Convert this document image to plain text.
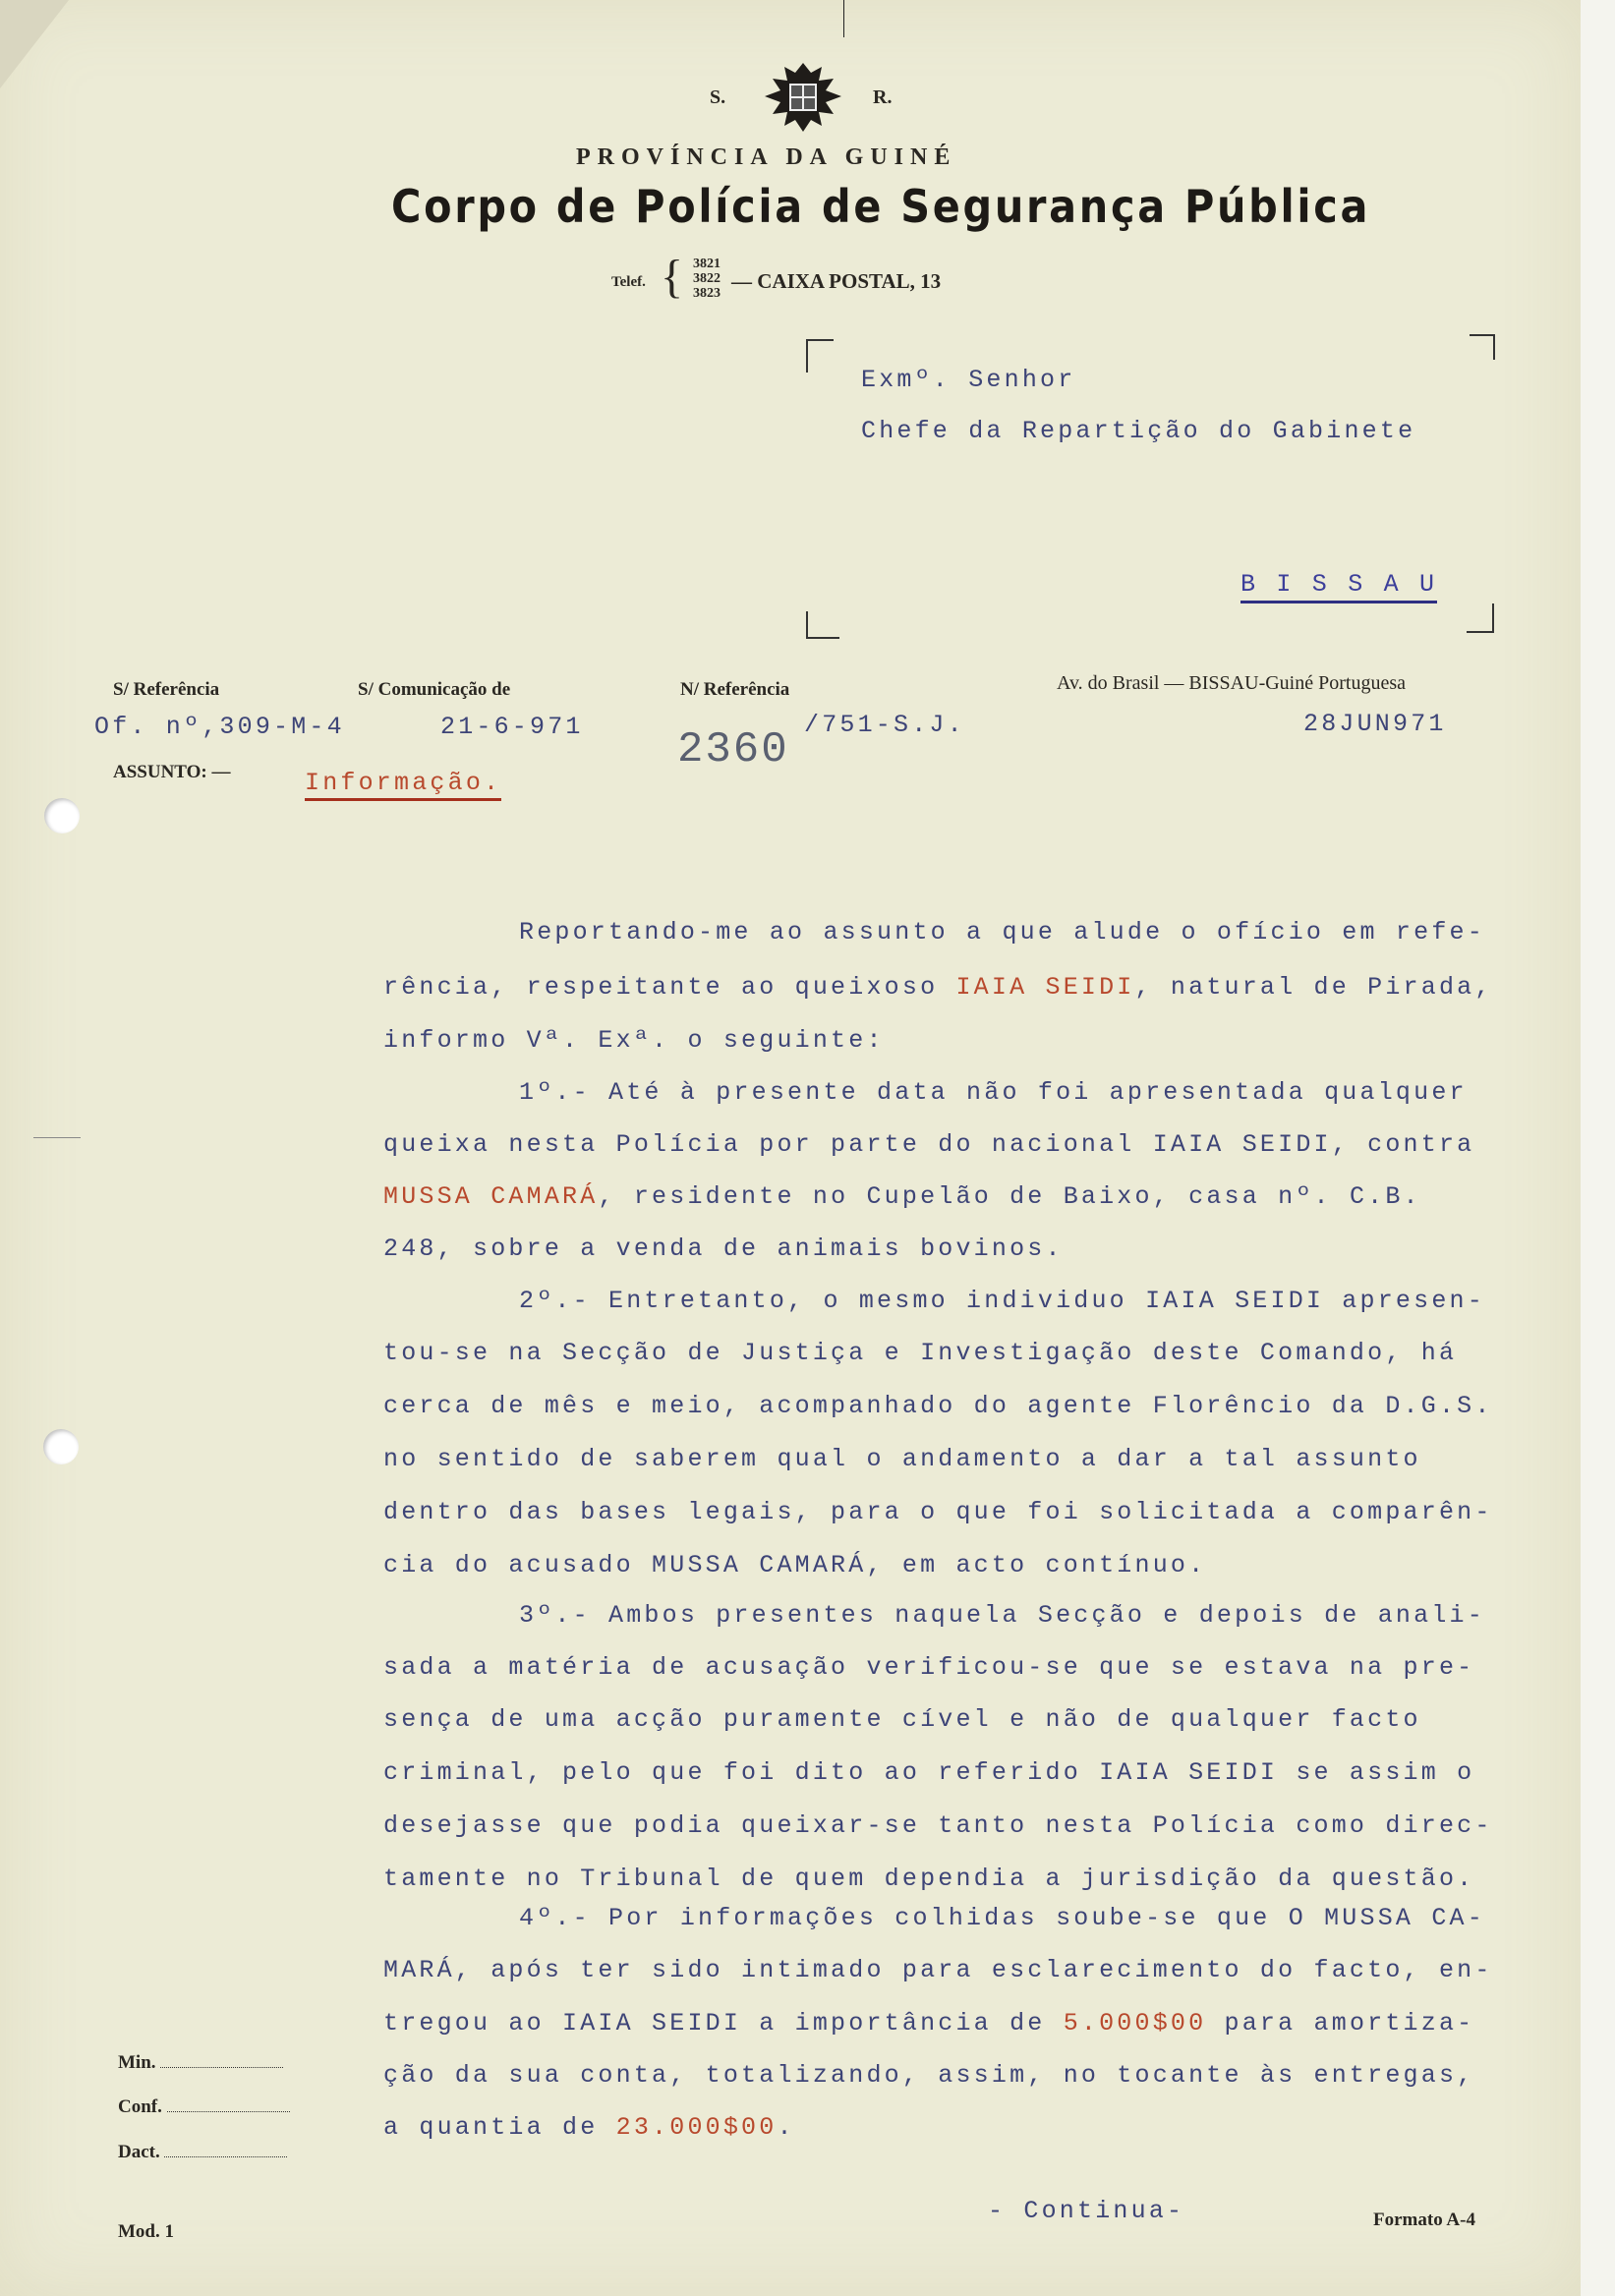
S.	R.
PROVÍNCIA DA GUINÉ
Corpo de Polícia de Segurança Pública
Telef. { 3821
3822
3823
— CAIXA POSTAL, 13
Exmº. Senhor
Chefe da Repartição do Gabinete
B I S S A U
S/ Referência
Of. nº,309-M-4
S/ Comunicação de
21-6-971
N/ Referência
2360
/751-S.J.
Av. do Brasil — BISSAU-Guiné Portuguesa
28JUN971
ASSUNTO: —	Informação.
Reportando-me ao assunto a que alude o ofício em refe-
rência, respeitante ao queixoso IAIA SEIDI, natural de Pirada,
informo Vª. Exª. o seguinte:
1º.- Até à presente data não foi apresentada qualquer
queixa nesta Polícia por parte do nacional IAIA SEIDI, contra
MUSSA CAMARÁ, residente no Cupelão de Baixo, casa nº. C.B.
248, sobre a venda de animais bovinos.
2º.- Entretanto, o mesmo individuo IAIA SEIDI apresen-
tou-se na Secção de Justiça e Investigação deste Comando, há
cerca de mês e meio, acompanhado do agente Florêncio da D.G.S.
no sentido de saberem qual o andamento a dar a tal assunto
dentro das bases legais, para o que foi solicitada a comparên-
cia do acusado MUSSA CAMARÁ, em acto contínuo.
3º.- Ambos presentes naquela Secção e depois de anali-
sada a matéria de acusação verificou-se que se estava na pre-
sença de uma acção puramente cível e não de qualquer facto
criminal, pelo que foi dito ao referido IAIA SEIDI se assim o
desejasse que podia queixar-se tanto nesta Polícia como direc-
tamente no Tribunal de quem dependia a jurisdição da questão.
4º.- Por informações colhidas soube-se que O MUSSA CA-
MARÁ, após ter sido intimado para esclarecimento do facto, en-
tregou ao IAIA SEIDI a importância de 5.000$00 para amortiza-
ção da sua conta, totalizando, assim, no tocante às entregas,
a quantia de 23.000$00.
- Continua-
Min.
Conf.
Dact.
Mod. 1
Formato A-4
